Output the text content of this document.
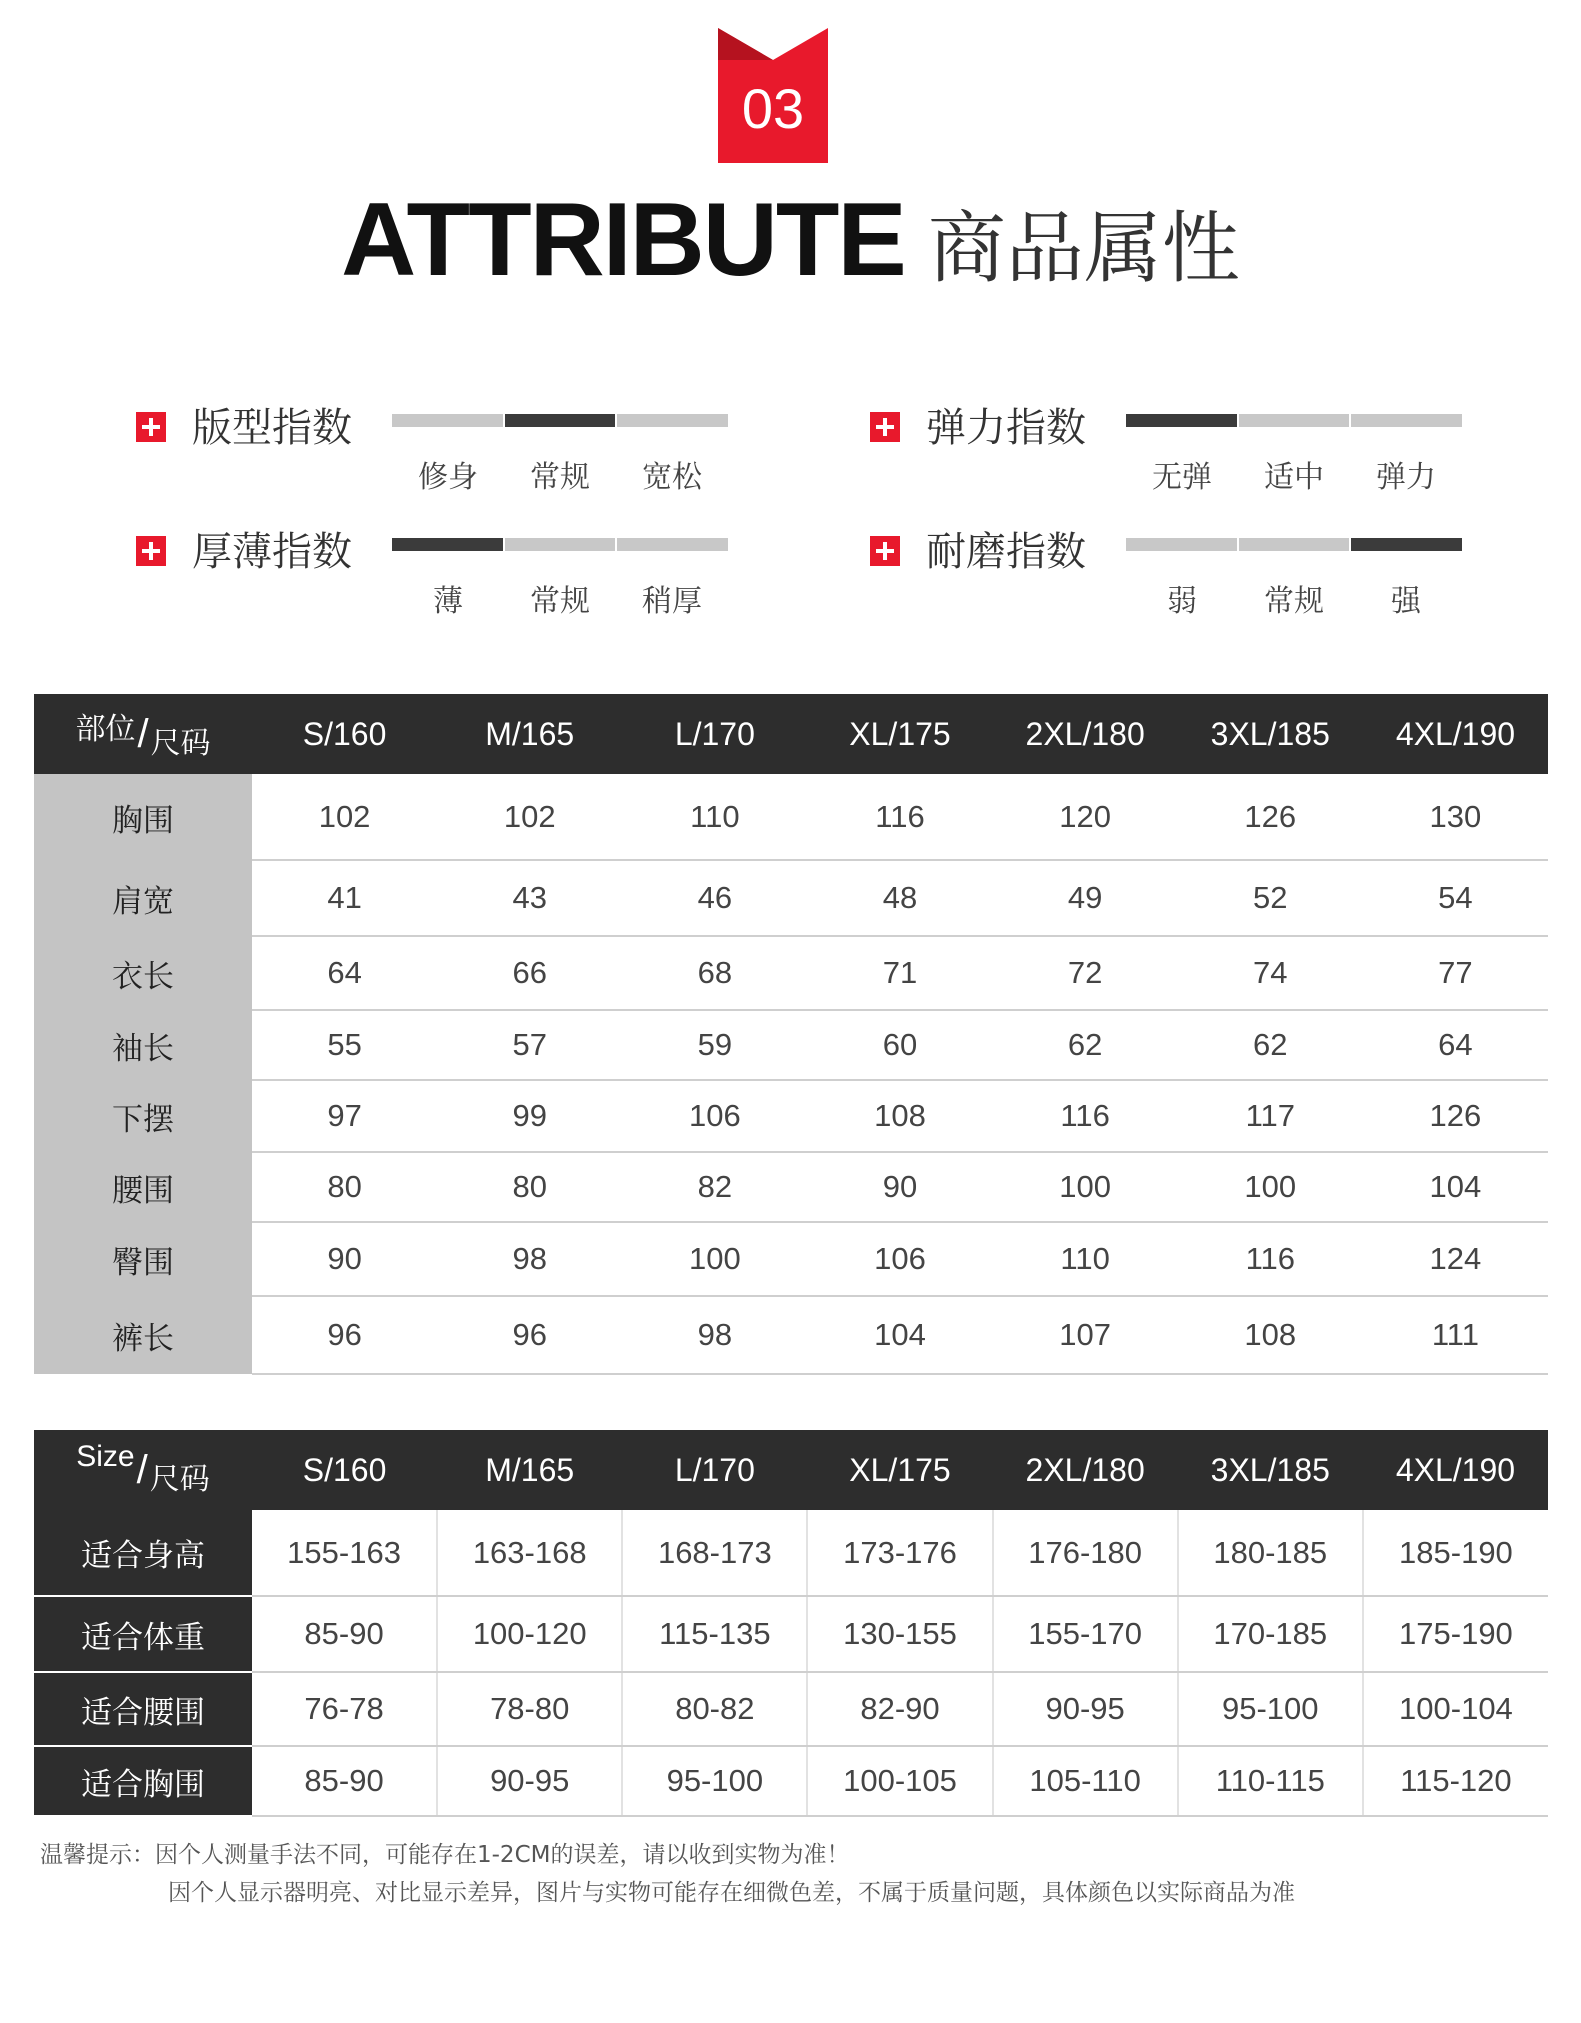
03
ATTRIBUTE 商品属性
版型指数
修身	常规	宽松
弹力指数
无弹	适中	弹力
厚薄指数
薄	常规	稍厚
耐磨指数
弱	常规	强
部位/尺码	S/160	M/165	L/170	XL/175	2XL/180	3XL/185	4XL/190
胸围	102	102	110	116	120	126	130
肩宽	41	43	46	48	49	52	54
衣长	64	66	68	71	72	74	77
袖长	55	57	59	60	62	62	64
下摆	97	99	106	108	116	117	126
腰围	80	80	82	90	100	100	104
臀围	90	98	100	106	110	116	124
裤长	96	96	98	104	107	108	111
Size/尺码	S/160	M/165	L/170	XL/175	2XL/180	3XL/185	4XL/190
适合身高	155-163	163-168	168-173	173-176	176-180	180-185	185-190
适合体重	85-90	100-120	115-135	130-155	155-170	170-185	175-190
适合腰围	76-78	78-80	80-82	82-90	90-95	95-100	100-104
适合胸围	85-90	90-95	95-100	100-105	105-110	110-115	115-120
温馨提示：因个人测量手法不同，可能存在1-2CM的误差，请以收到实物为准！
因个人显示器明亮、对比显示差异，图片与实物可能存在细微色差，不属于质量问题，具体颜色以实际商品为准
